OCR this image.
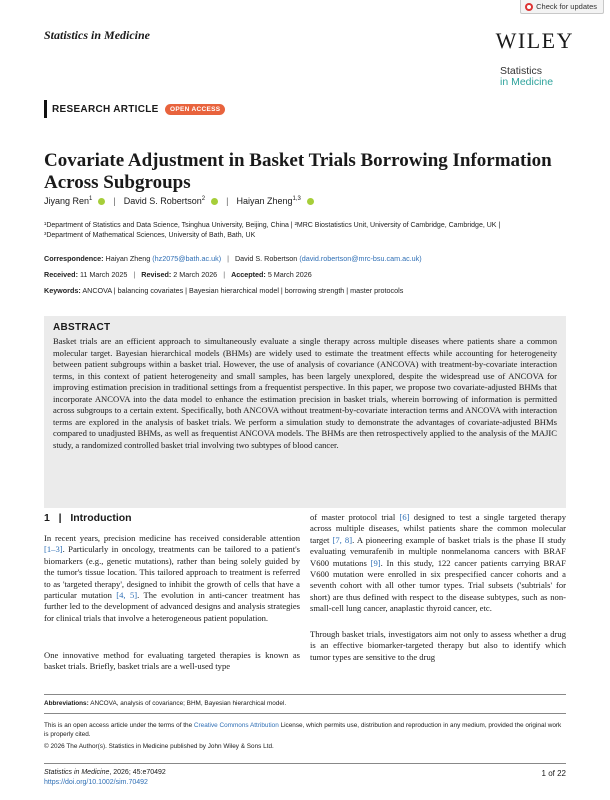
Check for updates
Statistics in Medicine	WILEY
Statistics
in Medicine
RESEARCH ARTICLE	OPEN ACCESS
Covariate Adjustment in Basket Trials Borrowing Information Across Subgroups
Jiyang Ren$^1$ | David S. Robertson$^2$ | Haiyan Zheng$^{1,3}$
¹Department of Statistics and Data Science, Tsinghua University, Beijing, China | ²MRC Biostatistics Unit, University of Cambridge, Cambridge, UK |
³Department of Mathematical Sciences, University of Bath, Bath, UK
Correspondence: Haiyan Zheng (hz2075@bath.ac.uk) | David S. Robertson (david.robertson@mrc-bsu.cam.ac.uk)
Received: 11 March 2025 | Revised: 2 March 2026 | Accepted: 5 March 2026
Keywords: ANCOVA | balancing covariates | Bayesian hierarchical model | borrowing strength | master protocols
ABSTRACT

Basket trials are an efficient approach to simultaneously evaluate a single therapy across multiple diseases where patients share a common molecular target. Bayesian hierarchical models (BHMs) are widely used to estimate the treatment effects while accounting for heterogeneity between patient subgroups within a basket trial. However, the use of analysis of covariance (ANCOVA) with treatment-by-covariate interaction terms, in this context of patient heterogeneity and small samples, has been largely unexplored, despite the widespread use of ANCOVA for improving estimation precision in traditional settings from a frequentist perspective. In this paper, we propose two covariate-adjusted BHMs that incorporate ANCOVA into the data model to enhance the estimation precision in basket trials, wherein borrowing of information is permitted across subgroups to a certain extent. Specifically, both ANCOVA without treatment-by-covariate interaction terms and ANCOVA with interaction terms are explored in the analysis of basket trials. We perform a simulation study to demonstrate the advantages of covariate-adjusted BHMs compared to unadjusted BHMs, as well as frequentist ANCOVA models. The BHMs are then retrospectively applied to the analysis of the MAJIC study, a randomized controlled basket trial involving two subtypes of blood cancer.

1 | Introduction

In recent years, precision medicine has received considerable attention [1–3]. Particularly in oncology, treatments can be tailored to a patient's biomarkers (e.g., genetic mutations), rather than being solely guided by the tumor's tissue location. This tailored approach to treatment is referred to as 'targeted therapy', designed to inhibit the growth of cells that have a particular mutation [4, 5]. The evolution in anti-cancer treatment has further led to the development of advanced designs and analysis strategies for clinical trials that involve a heterogeneous patient population.

One innovative method for evaluating targeted therapies is known as basket trials. Briefly, basket trials are a well-used type

of master protocol trial [6] designed to test a single targeted therapy across multiple diseases, whilst patients share the common molecular target [7, 8]. A pioneering example of basket trials is the phase II study evaluating vemurafenib in multiple nonmelanoma cancers with BRAF V600 mutations [9]. In this study, 122 cancer patients carrying BRAF V600 mutation were enrolled in six prespecified cancer cohorts and a seventh cohort with all other tumor types. Trial subsets ('subtrials' for short) are thus defined with respect to the disease subtypes, such as non-small-cell lung cancer, anaplastic thyroid cancer, etc.

Through basket trials, investigators aim not only to assess whether a drug is an effective biomarker-targeted therapy but also to identify which tumor types are sensitive to the drug

Abbreviations: ANCOVA, analysis of covariance; BHM, Bayesian hierarchical model.
This is an open access article under the terms of the Creative Commons Attribution License, which permits use, distribution and reproduction in any medium, provided the original work is properly cited.
© 2026 The Author(s). Statistics in Medicine published by John Wiley & Sons Ltd.
Statistics in Medicine, 2026; 45:e70492
https://doi.org/10.1002/sim.70492
1 of 22
